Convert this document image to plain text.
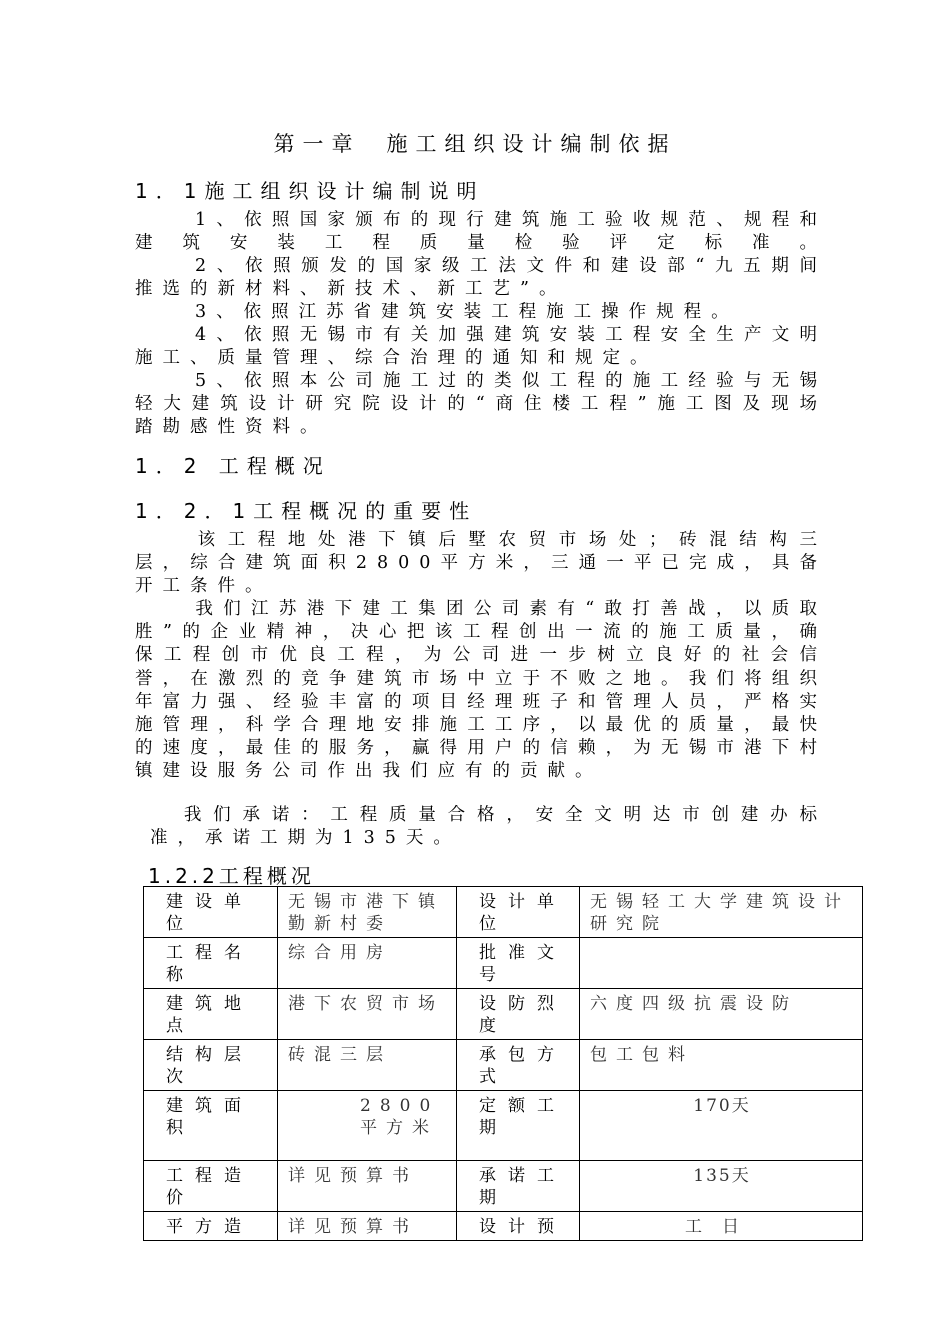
第一章 施工组织设计编制依据
1．1施工组织设计编制说明

1、依照国家颁布的现行建筑施工验收规范、规程和建筑安装工程质量检验评定标准。

2、依照颁发的国家级工法文件和建设部“九五期间推选的新材料、新技术、新工艺”。

3、依照江苏省建筑安装工程施工操作规程。

4、依照无锡市有关加强建筑安装工程安全生产文明施工、质量管理、综合治理的通知和规定。

5、依照本公司施工过的类似工程的施工经验与无锡轻大建筑设计研究院设计的“商住楼工程”施工图及现场踏勘感性资料。

1．2 工程概况
1．2．1工程概况的重要性

该工程地处港下镇后墅农贸市场处；砖混结构三层，综合建筑面积2800平方米，三通一平已完成，具备开工条件。

我们江苏港下建工集团公司素有“敢打善战，以质取胜”的企业精神，决心把该工程创出一流的施工质量，确保工程创市优良工程，为公司进一步树立良好的社会信誉，在激烈的竞争建筑市场中立于不败之地。我们将组织年富力强、经验丰富的项目经理班子和管理人员，严格实施管理，科学合理地安排施工工序，以最优的质量，最快的速度，最佳的服务，赢得用户的信赖，为无锡市港下村镇建设服务公司作出我们应有的贡献。

我们承诺：工程质量合格，安全文明达市创建办标准，承诺工期为135天。

1.2.2工程概况
建设单位	无锡市港下镇勤新村委	设计单位	无锡轻工大学建筑设计研究院
工程名称	综合用房	批准文号	
建筑地点	港下农贸市场	设防烈度	六度四级抗震设防
结构层次	砖混三层	承包方式	包工包料
建筑面积	2800平方米	定额工期	170天
工程造价	详见预算书	承诺工期	135天
平方造	详见预算书	设计预	工日
